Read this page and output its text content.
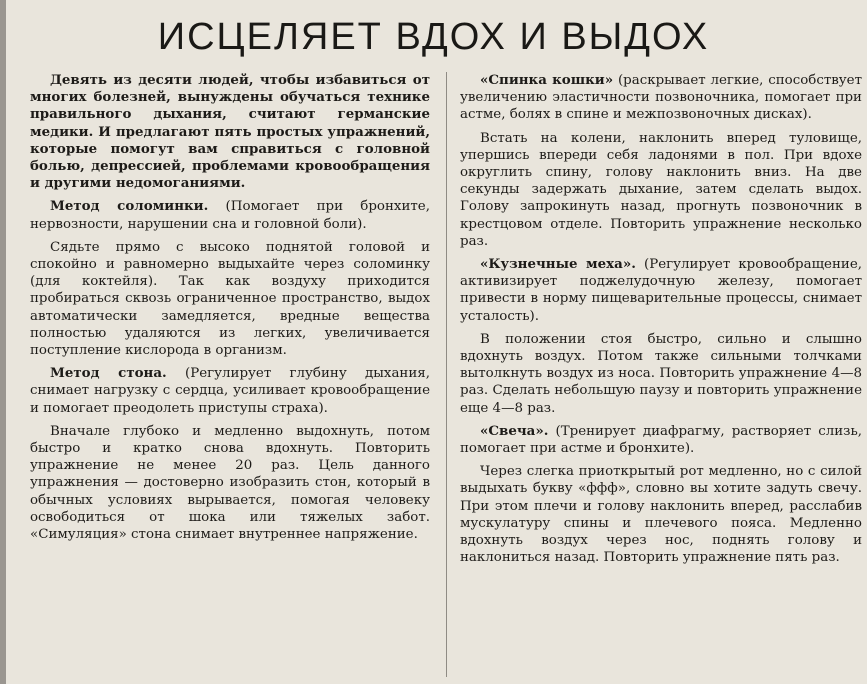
ИСЦЕЛЯЕТ ВДОХ И ВЫДОХ

Девять из десяти людей, чтобы избавиться от многих болезней, вынуждены обучаться технике правильного дыхания, считают германские медики. И предлагают пять простых упражнений, которые помогут вам справиться с головной болью, депрессией, проблемами кровообращения и другими недомоганиями.

Метод соломинки. (Помогает при бронхите, нервозности, нарушении сна и головной боли).

Сядьте прямо с высоко поднятой головой и спокойно и равномерно выдыхайте через соломинку (для коктейля). Так как воздуху приходится пробираться сквозь ограниченное пространство, выдох автоматически замедляется, вредные вещества полностью удаляются из легких, увеличивается поступление кислорода в организм.

Метод стона. (Регулирует глубину дыхания, снимает нагрузку с сердца, усиливает кровообращение и помогает преодолеть приступы страха).

Вначале глубоко и медленно выдохнуть, потом быстро и кратко снова вдохнуть. Повторить упражнение не менее 20 раз. Цель данного упражнения — достоверно изобразить стон, который в обычных условиях вырывается, помогая человеку освободиться от шока или тяжелых забот. «Симуляция» стона снимает внутреннее напряжение.

«Спинка кошки» (раскрывает легкие, способствует увеличению эластичности позвоночника, помогает при астме, болях в спине и межпозвоночных дисках).

Встать на колени, наклонить вперед туловище, упершись впереди себя ладонями в пол. При вдохе округлить спину, голову наклонить вниз. На две секунды задержать дыхание, затем сделать выдох. Голову запрокинуть назад, прогнуть позвоночник в крестцовом отделе. Повторить упражнение несколько раз.

«Кузнечные меха». (Регулирует кровообращение, активизирует поджелудочную железу, помогает привести в норму пищеварительные процессы, снимает усталость).

В положении стоя быстро, сильно и слышно вдохнуть воздух. Потом также сильными толчками вытолкнуть воздух из носа. Повторить упражнение 4—8 раз. Сделать небольшую паузу и повторить упражнение еще 4—8 раз.

«Свеча». (Тренирует диафрагму, растворяет слизь, помогает при астме и бронхите).

Через слегка приоткрытый рот медленно, но с силой выдыхать букву «ффф», словно вы хотите задуть свечу. При этом плечи и голову наклонить вперед, расслабив мускулатуру спины и плечевого пояса. Медленно вдохнуть воздух через нос, поднять голову и наклониться назад. Повторить упражнение пять раз.
